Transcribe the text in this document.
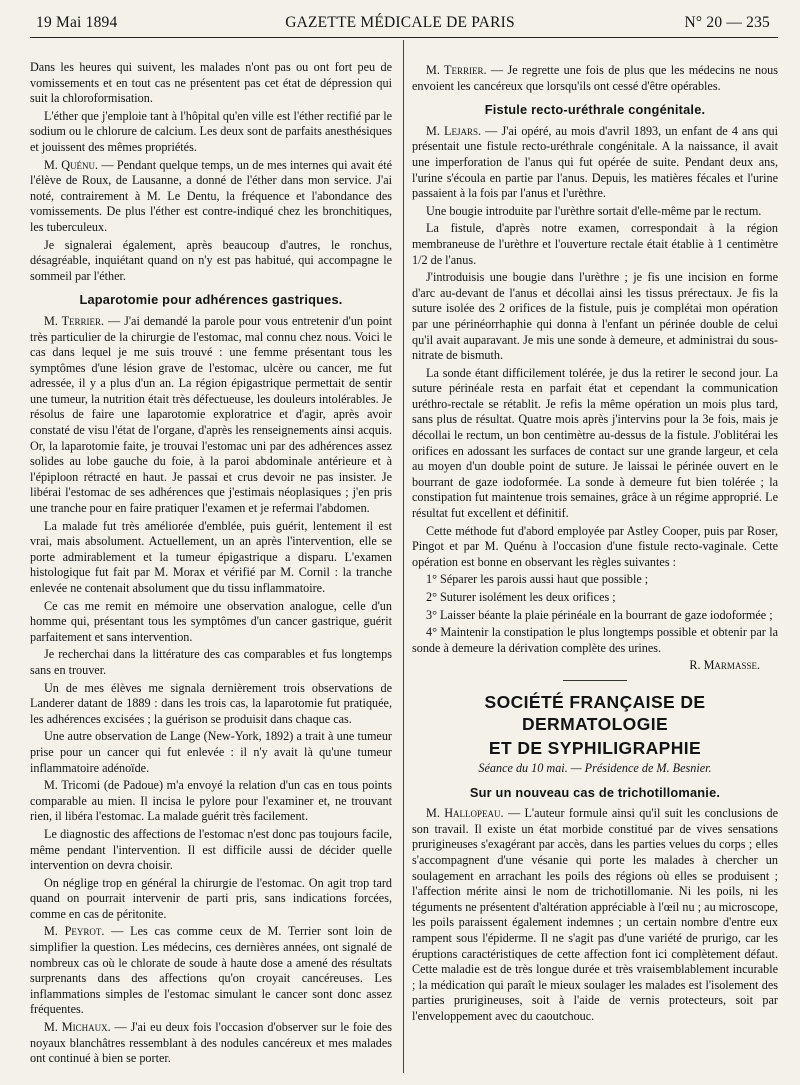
19 Mai 1894	GAZETTE MÉDICALE DE PARIS	N° 20 — 235

Dans les heures qui suivent, les malades n'ont pas ou ont fort peu de vomissements et en tout cas ne présentent pas cet état de dépression qui suit la chloroformisation.

L'éther que j'emploie tant à l'hôpital qu'en ville est l'éther rectifié par le sodium ou le chlorure de calcium. Les deux sont de parfaits anesthésiques et jouissent des mêmes propriétés.

M. Quénu. — Pendant quelque temps, un de mes internes qui avait été l'élève de Roux, de Lausanne, a donné de l'éther dans mon service. J'ai noté, contrairement à M. Le Dentu, la fréquence et l'abondance des vomissements. De plus l'éther est contre-indiqué chez les bronchitiques, les tuberculeux.

Je signalerai également, après beaucoup d'autres, le ronchus, désagréable, inquiétant quand on n'y est pas habitué, qui accompagne le sommeil par l'éther.

Laparotomie pour adhérences gastriques.

M. Terrier. — J'ai demandé la parole pour vous entretenir d'un point très particulier de la chirurgie de l'estomac, mal connu chez nous. Voici le cas dans lequel je me suis trouvé : une femme présentant tous les symptômes d'une lésion grave de l'estomac, ulcère ou cancer, me fut adressée, il y a plus d'un an. La région épigastrique permettait de sentir une tumeur, la nutrition était très défectueuse, les douleurs intolérables. Je résolus de faire une laparotomie exploratrice et d'agir, après avoir constaté de visu l'état de l'organe, d'après les renseignements ainsi acquis. Or, la laparotomie faite, je trouvai l'estomac uni par des adhérences assez solides au lobe gauche du foie, à la paroi abdominale antérieure et à l'épiploon rétracté en haut. Je passai et crus devoir ne pas insister. Je libérai l'estomac de ses adhérences que j'estimais néoplasiques ; j'en pris une tranche pour en faire pratiquer l'examen et je refermai l'abdomen.

La malade fut très améliorée d'emblée, puis guérit, lentement il est vrai, mais absolument. Actuellement, un an après l'intervention, elle se porte admirablement et la tumeur épigastrique a disparu. L'examen histologique fut fait par M. Morax et vérifié par M. Cornil : la tranche enlevée ne contenait absolument que du tissu inflammatoire.

Ce cas me remit en mémoire une observation analogue, celle d'un homme qui, présentant tous les symptômes d'un cancer gastrique, guérit parfaitement et sans intervention.

Je recherchai dans la littérature des cas comparables et fus longtemps sans en trouver.

Un de mes élèves me signala dernièrement trois observations de Landerer datant de 1889 : dans les trois cas, la laparotomie fut pratiquée, les adhérences excisées ; la guérison se produisit dans chaque cas.

Une autre observation de Lange (New-York, 1892) a trait à une tumeur prise pour un cancer qui fut enlevée : il n'y avait là qu'une tumeur inflammatoire adénoïde.

M. Tricomi (de Padoue) m'a envoyé la relation d'un cas en tous points comparable au mien. Il incisa le pylore pour l'examiner et, ne trouvant rien, il libéra l'estomac. La malade guérit très facilement.

Le diagnostic des affections de l'estomac n'est donc pas toujours facile, même pendant l'intervention. Il est difficile aussi de décider quelle intervention on devra choisir.

On néglige trop en général la chirurgie de l'estomac. On agit trop tard quand on pourrait intervenir de parti pris, sans indications forcées, comme en cas de péritonite.

M. Peyrot. — Les cas comme ceux de M. Terrier sont loin de simplifier la question. Les médecins, ces dernières années, ont signalé de nombreux cas où le chlorate de soude à haute dose a amené des résultats surprenants dans des affections qu'on croyait cancéreuses. Les inflammations simples de l'estomac simulant le cancer sont donc assez fréquentes.

M. Michaux. — J'ai eu deux fois l'occasion d'observer sur le foie des noyaux blanchâtres ressemblant à des nodules cancéreux et mes malades ont continué à bien se porter.

M. Terrier. — Je regrette une fois de plus que les médecins ne nous envoient les cancéreux que lorsqu'ils ont cessé d'être opérables.

Fistule recto-uréthrale congénitale.

M. Lejars. — J'ai opéré, au mois d'avril 1893, un enfant de 4 ans qui présentait une fistule recto-uréthrale congénitale. A la naissance, il avait une imperforation de l'anus qui fut opérée de suite. Pendant deux ans, l'urine s'écoula en partie par l'anus. Depuis, les matières fécales et l'urine passaient à la fois par l'anus et l'urèthre.

Une bougie introduite par l'urèthre sortait d'elle-même par le rectum.

La fistule, d'après notre examen, correspondait à la région membraneuse de l'urèthre et l'ouverture rectale était établie à 1 centimètre 1/2 de l'anus.

J'introduisis une bougie dans l'urèthre ; je fis une incision en forme d'arc au-devant de l'anus et décollai ainsi les tissus prérectaux. Je fis la suture isolée des 2 orifices de la fistule, puis je complétai mon opération par une périnéorrhaphie qui donna à l'enfant un périnée double de celui qu'il avait auparavant. Je mis une sonde à demeure, et administrai du sous-nitrate de bismuth.

La sonde étant difficilement tolérée, je dus la retirer le second jour. La suture périnéale resta en parfait état et cependant la communication uréthro-rectale se rétablit. Je refis la même opération un mois plus tard, sans plus de résultat. Quatre mois après j'intervins pour la 3e fois, mais je décollai le rectum, un bon centimètre au-dessus de la fistule. J'oblitérai les orifices en adossant les surfaces de contact sur une grande largeur, et cela au moyen d'un double point de suture. Je laissai le périnée ouvert en le bourrant de gaze iodoformée. La sonde à demeure fut bien tolérée ; la constipation fut maintenue trois semaines, grâce à un régime approprié. Le résultat fut excellent et définitif.

Cette méthode fut d'abord employée par Astley Cooper, puis par Roser, Pingot et par M. Quénu à l'occasion d'une fistule recto-vaginale. Cette opération est bonne en observant les règles suivantes :

1° Séparer les parois aussi haut que possible ;

2° Suturer isolément les deux orifices ;

3° Laisser béante la plaie périnéale en la bourrant de gaze iodoformée ;

4° Maintenir la constipation le plus longtemps possible et obtenir par la sonde à demeure la dérivation complète des urines.

R. Marmasse.
SOCIÉTÉ FRANÇAISE DE DERMATOLOGIE
ET DE SYPHILIGRAPHIE
Séance du 10 mai. — Présidence de M. Besnier.
Sur un nouveau cas de trichotillomanie.

M. Hallopeau. — L'auteur formule ainsi qu'il suit les conclusions de son travail. Il existe un état morbide constitué par de vives sensations prurigineuses s'exagérant par accès, dans les parties velues du corps ; elles s'accompagnent d'une vésanie qui porte les malades à chercher un soulagement en arrachant les poils des régions où elles se produisent ; l'affection mérite ainsi le nom de trichotillomanie. Ni les poils, ni les téguments ne présentent d'altération appréciable à l'œil nu ; au microscope, les poils paraissent également indemnes ; un certain nombre d'entre eux rampent sous l'épiderme. Il ne s'agit pas d'une variété de prurigo, car les éruptions caractéristiques de cette affection font ici complètement défaut. Cette maladie est de très longue durée et très vraisemblablement incurable ; la médication qui paraît le mieux soulager les malades est l'isolement des parties prurigineuses, soit à l'aide de vernis protecteurs, soit par l'enveloppement avec du caoutchouc.
